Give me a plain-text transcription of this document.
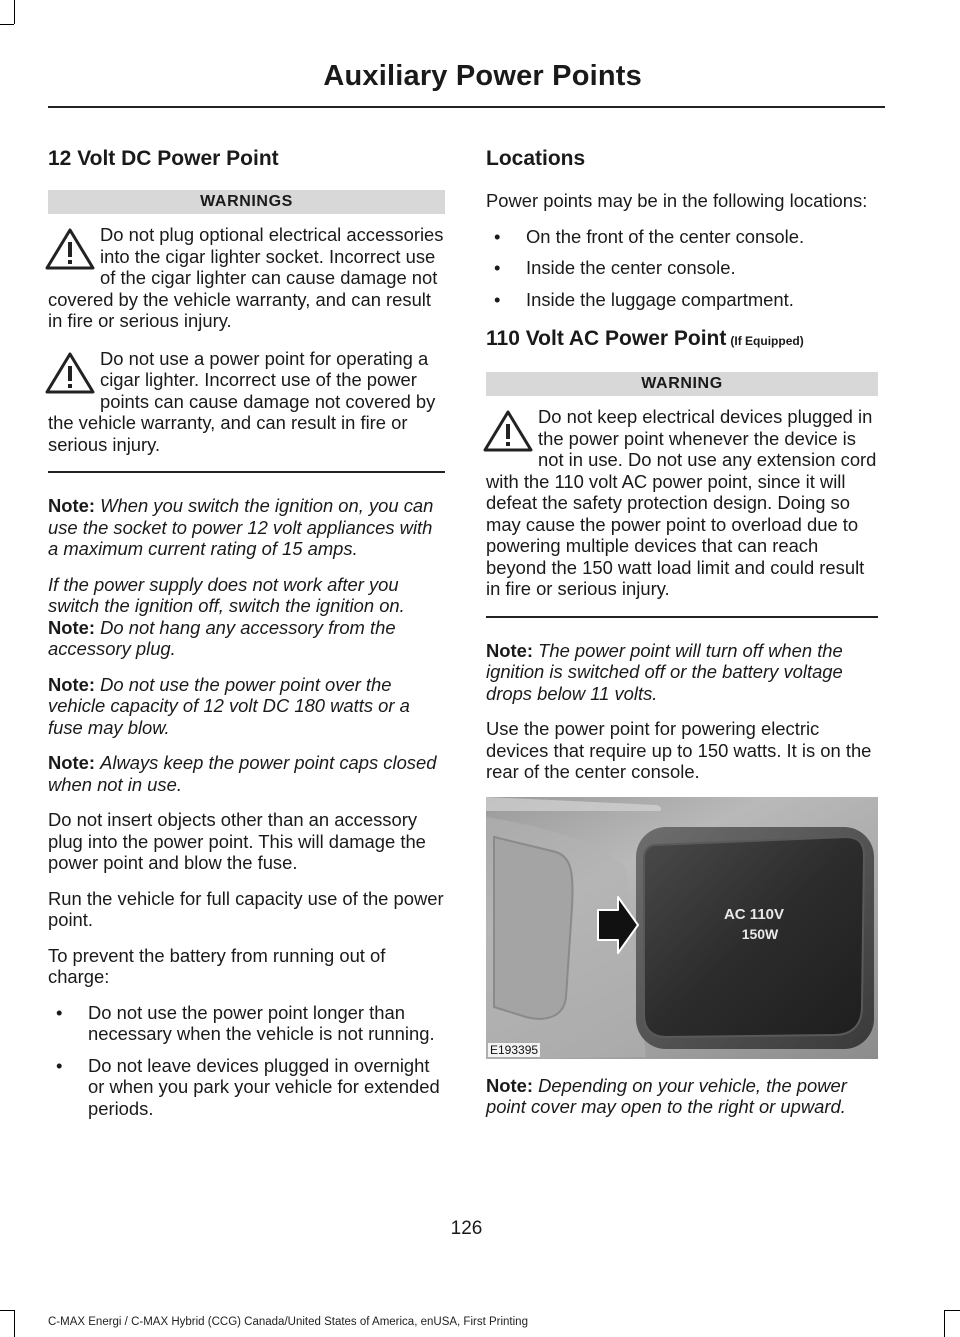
Auxiliary Power Points
12 Volt DC Power Point
WARNINGS
Do not plug optional electrical accessories into the cigar lighter socket. Incorrect use of the cigar lighter can cause damage not covered by the vehicle warranty, and can result in fire or serious injury.
Do not use a power point for operating a cigar lighter. Incorrect use of the power points can cause damage not covered by the vehicle warranty, and can result in fire or serious injury.

Note: When you switch the ignition on, you can use the socket to power 12 volt appliances with a maximum current rating of 15 amps.

If the power supply does not work after you switch the ignition off, switch the ignition on.

Note: Do not hang any accessory from the accessory plug.

Note: Do not use the power point over the vehicle capacity of 12 volt DC 180 watts or a fuse may blow.

Note: Always keep the power point caps closed when not in use.

Do not insert objects other than an accessory plug into the power point. This will damage the power point and blow the fuse.

Run the vehicle for full capacity use of the power point.

To prevent the battery from running out of charge:

• Do not use the power point longer than necessary when the vehicle is not running.
• Do not leave devices plugged in overnight or when you park your vehicle for extended periods.
Locations

Power points may be in the following locations:

• On the front of the center console.
• Inside the center console.
• Inside the luggage compartment.
110 Volt AC Power Point (If Equipped)
WARNING
Do not keep electrical devices plugged in the power point whenever the device is not in use. Do not use any extension cord with the 110 volt AC power point, since it will defeat the safety protection design. Doing so may cause the power point to overload due to powering multiple devices that can reach beyond the 150 watt load limit and could result in fire or serious injury.

Note: The power point will turn off when the ignition is switched off or the battery voltage drops below 11 volts.

Use the power point for powering electric devices that require up to 150 watts. It is on the rear of the center console.

AC 110V
150W
E193395

Note: Depending on your vehicle, the power point cover may open to the right or upward.

126
C-MAX Energi / C-MAX Hybrid (CCG) Canada/United States of America, enUSA, First Printing
